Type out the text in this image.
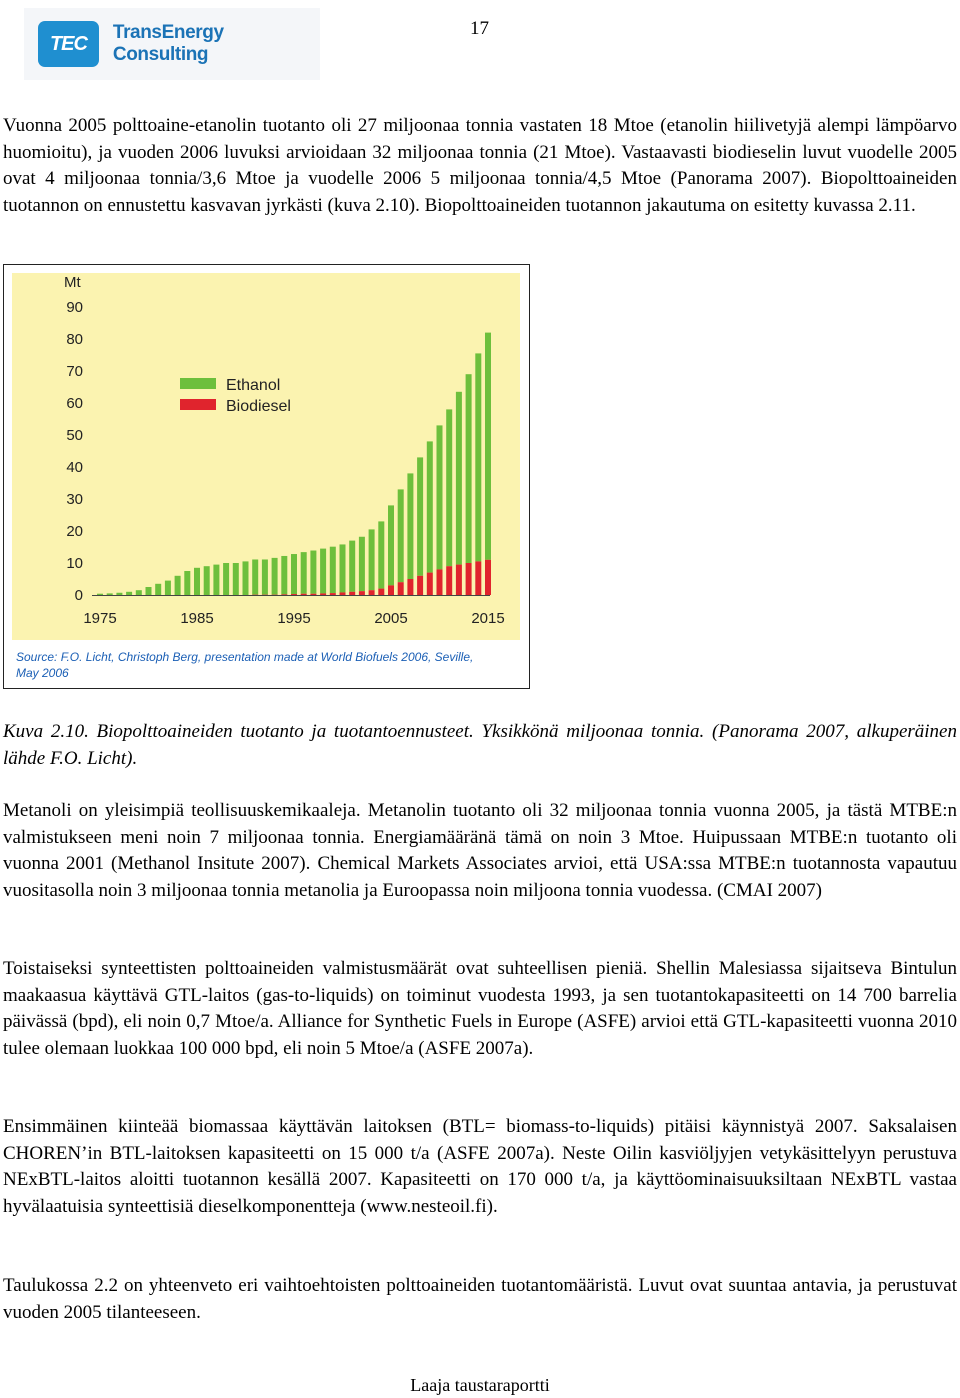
TEC	TransEnergy Consulting
17

Vuonna 2005 polttoaine-etanolin tuotanto oli 27 miljoonaa tonnia vastaten 18 Mtoe (etanolin hiilivetyjä alempi lämpöarvo huomioitu), ja vuoden 2006 luvuksi arvioidaan 32 miljoonaa tonnia (21 Mtoe). Vastaavasti biodieselin luvut vuodelle 2005 ovat 4 miljoonaa tonnia/3,6 Mtoe ja vuodelle 2006 5 miljoonaa tonnia/4,5 Mtoe (Panorama 2007). Biopolttoaineiden tuotannon on ennustettu kasvavan jyrkästi (kuva 2.10). Biopolttoaineiden tuotannon jakautuma on esitetty kuvassa 2.11.

Mt
0
10
20
30
40
50
60
70
80
90
1975	1985	1995	2005	2015
Ethanol
Biodiesel
Source: F.O. Licht, Christoph Berg, presentation made at World Biofuels 2006, Seville, May 2006

Kuva 2.10. Biopolttoaineiden tuotanto ja tuotantoennusteet. Yksikkönä miljoonaa tonnia. (Panorama 2007, alkuperäinen lähde F.O. Licht).

Metanoli on yleisimpiä teollisuuskemikaaleja. Metanolin tuotanto oli 32 miljoonaa tonnia vuonna 2005, ja tästä MTBE:n valmistukseen meni noin 7 miljoonaa tonnia. Energiamääränä tämä on noin 3 Mtoe. Huipussaan MTBE:n tuotanto oli vuonna 2001 (Methanol Insitute 2007). Chemical Markets Associates arvioi, että USA:ssa MTBE:n tuotannosta vapautuu vuositasolla noin 3 miljoonaa tonnia metanolia ja Euroopassa noin miljoona tonnia vuodessa. (CMAI 2007)

Toistaiseksi synteettisten polttoaineiden valmistusmäärät ovat suhteellisen pieniä. Shellin Malesiassa sijaitseva Bintulun maakaasua käyttävä GTL-laitos (gas-to-liquids) on toiminut vuodesta 1993, ja sen tuotantokapasiteetti on 14 700 barrelia päivässä (bpd), eli noin 0,7 Mtoe/a. Alliance for Synthetic Fuels in Europe (ASFE) arvioi että GTL-kapasiteetti vuonna 2010 tulee olemaan luokkaa 100 000 bpd, eli noin 5 Mtoe/a (ASFE 2007a).

Ensimmäinen kiinteää biomassaa käyttävän laitoksen (BTL= biomass-to-liquids) pitäisi käynnistyä 2007. Saksalaisen CHOREN’in BTL-laitoksen kapasiteetti on 15 000 t/a (ASFE 2007a). Neste Oilin kasviöljyjen vetykäsittelyyn perustuva NExBTL-laitos aloitti tuotannon kesällä 2007. Kapasiteetti on 170 000 t/a, ja käyttöominaisuuksiltaan NExBTL vastaa hyvälaatuisia synteettisiä dieselkomponentteja (www.nesteoil.fi).

Taulukossa 2.2 on yhteenveto eri vaihtoehtoisten polttoaineiden tuotantomääristä. Luvut ovat suuntaa antavia, ja perustuvat vuoden 2005 tilanteeseen.

Laaja taustaraportti
